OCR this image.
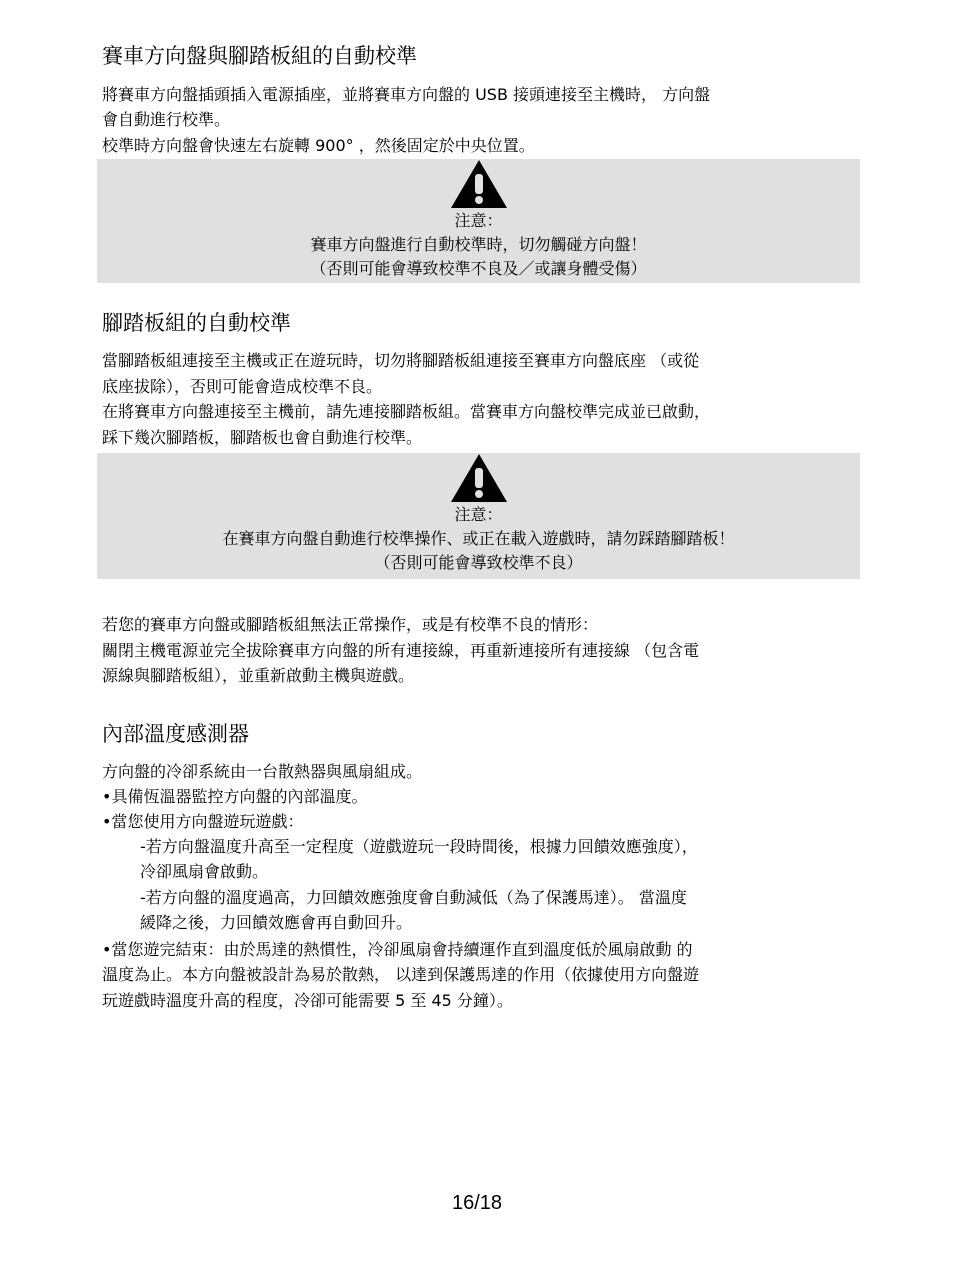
賽車方向盤與腳踏板組的自動校準

將賽車方向盤插頭插入電源插座，並將賽車方向盤的 USB 接頭連接至主機時， 方向盤

會自動進行校準。

校準時方向盤會快速左右旋轉 900° ，然後固定於中央位置。

注意：
賽車方向盤進行自動校準時，切勿觸碰方向盤！
（否則可能會導致校準不良及／或讓身體受傷）
腳踏板組的自動校準

當腳踏板組連接至主機或正在遊玩時，切勿將腳踏板組連接至賽車方向盤底座 （或從

底座拔除），否則可能會造成校準不良。

在將賽車方向盤連接至主機前，請先連接腳踏板組。當賽車方向盤校準完成並已啟動，

踩下幾次腳踏板，腳踏板也會自動進行校準。

注意：
在賽車方向盤自動進行校準操作、或正在載入遊戲時，請勿踩踏腳踏板！
（否則可能會導致校準不良）

若您的賽車方向盤或腳踏板組無法正常操作，或是有校準不良的情形：

關閉主機電源並完全拔除賽車方向盤的所有連接線，再重新連接所有連接線 （包含電

源線與腳踏板組），並重新啟動主機與遊戲。

內部溫度感測器

方向盤的冷卻系統由一台散熱器與風扇組成。

•具備恆溫器監控方向盤的內部溫度。

•當您使用方向盤遊玩遊戲：

-若方向盤溫度升高至一定程度（遊戲遊玩一段時間後，根據力回饋效應強度），

冷卻風扇會啟動。

-若方向盤的溫度過高，力回饋效應強度會自動減低（為了保護馬達）。 當溫度

緩降之後，力回饋效應會再自動回升。

•當您遊完結束：由於馬達的熱慣性，冷卻風扇會持續運作直到溫度低於風扇啟動 的

溫度為止。本方向盤被設計為易於散熱， 以達到保護馬達的作用（依據使用方向盤遊

玩遊戲時溫度升高的程度，冷卻可能需要 5 至 45 分鐘）。

16/18
